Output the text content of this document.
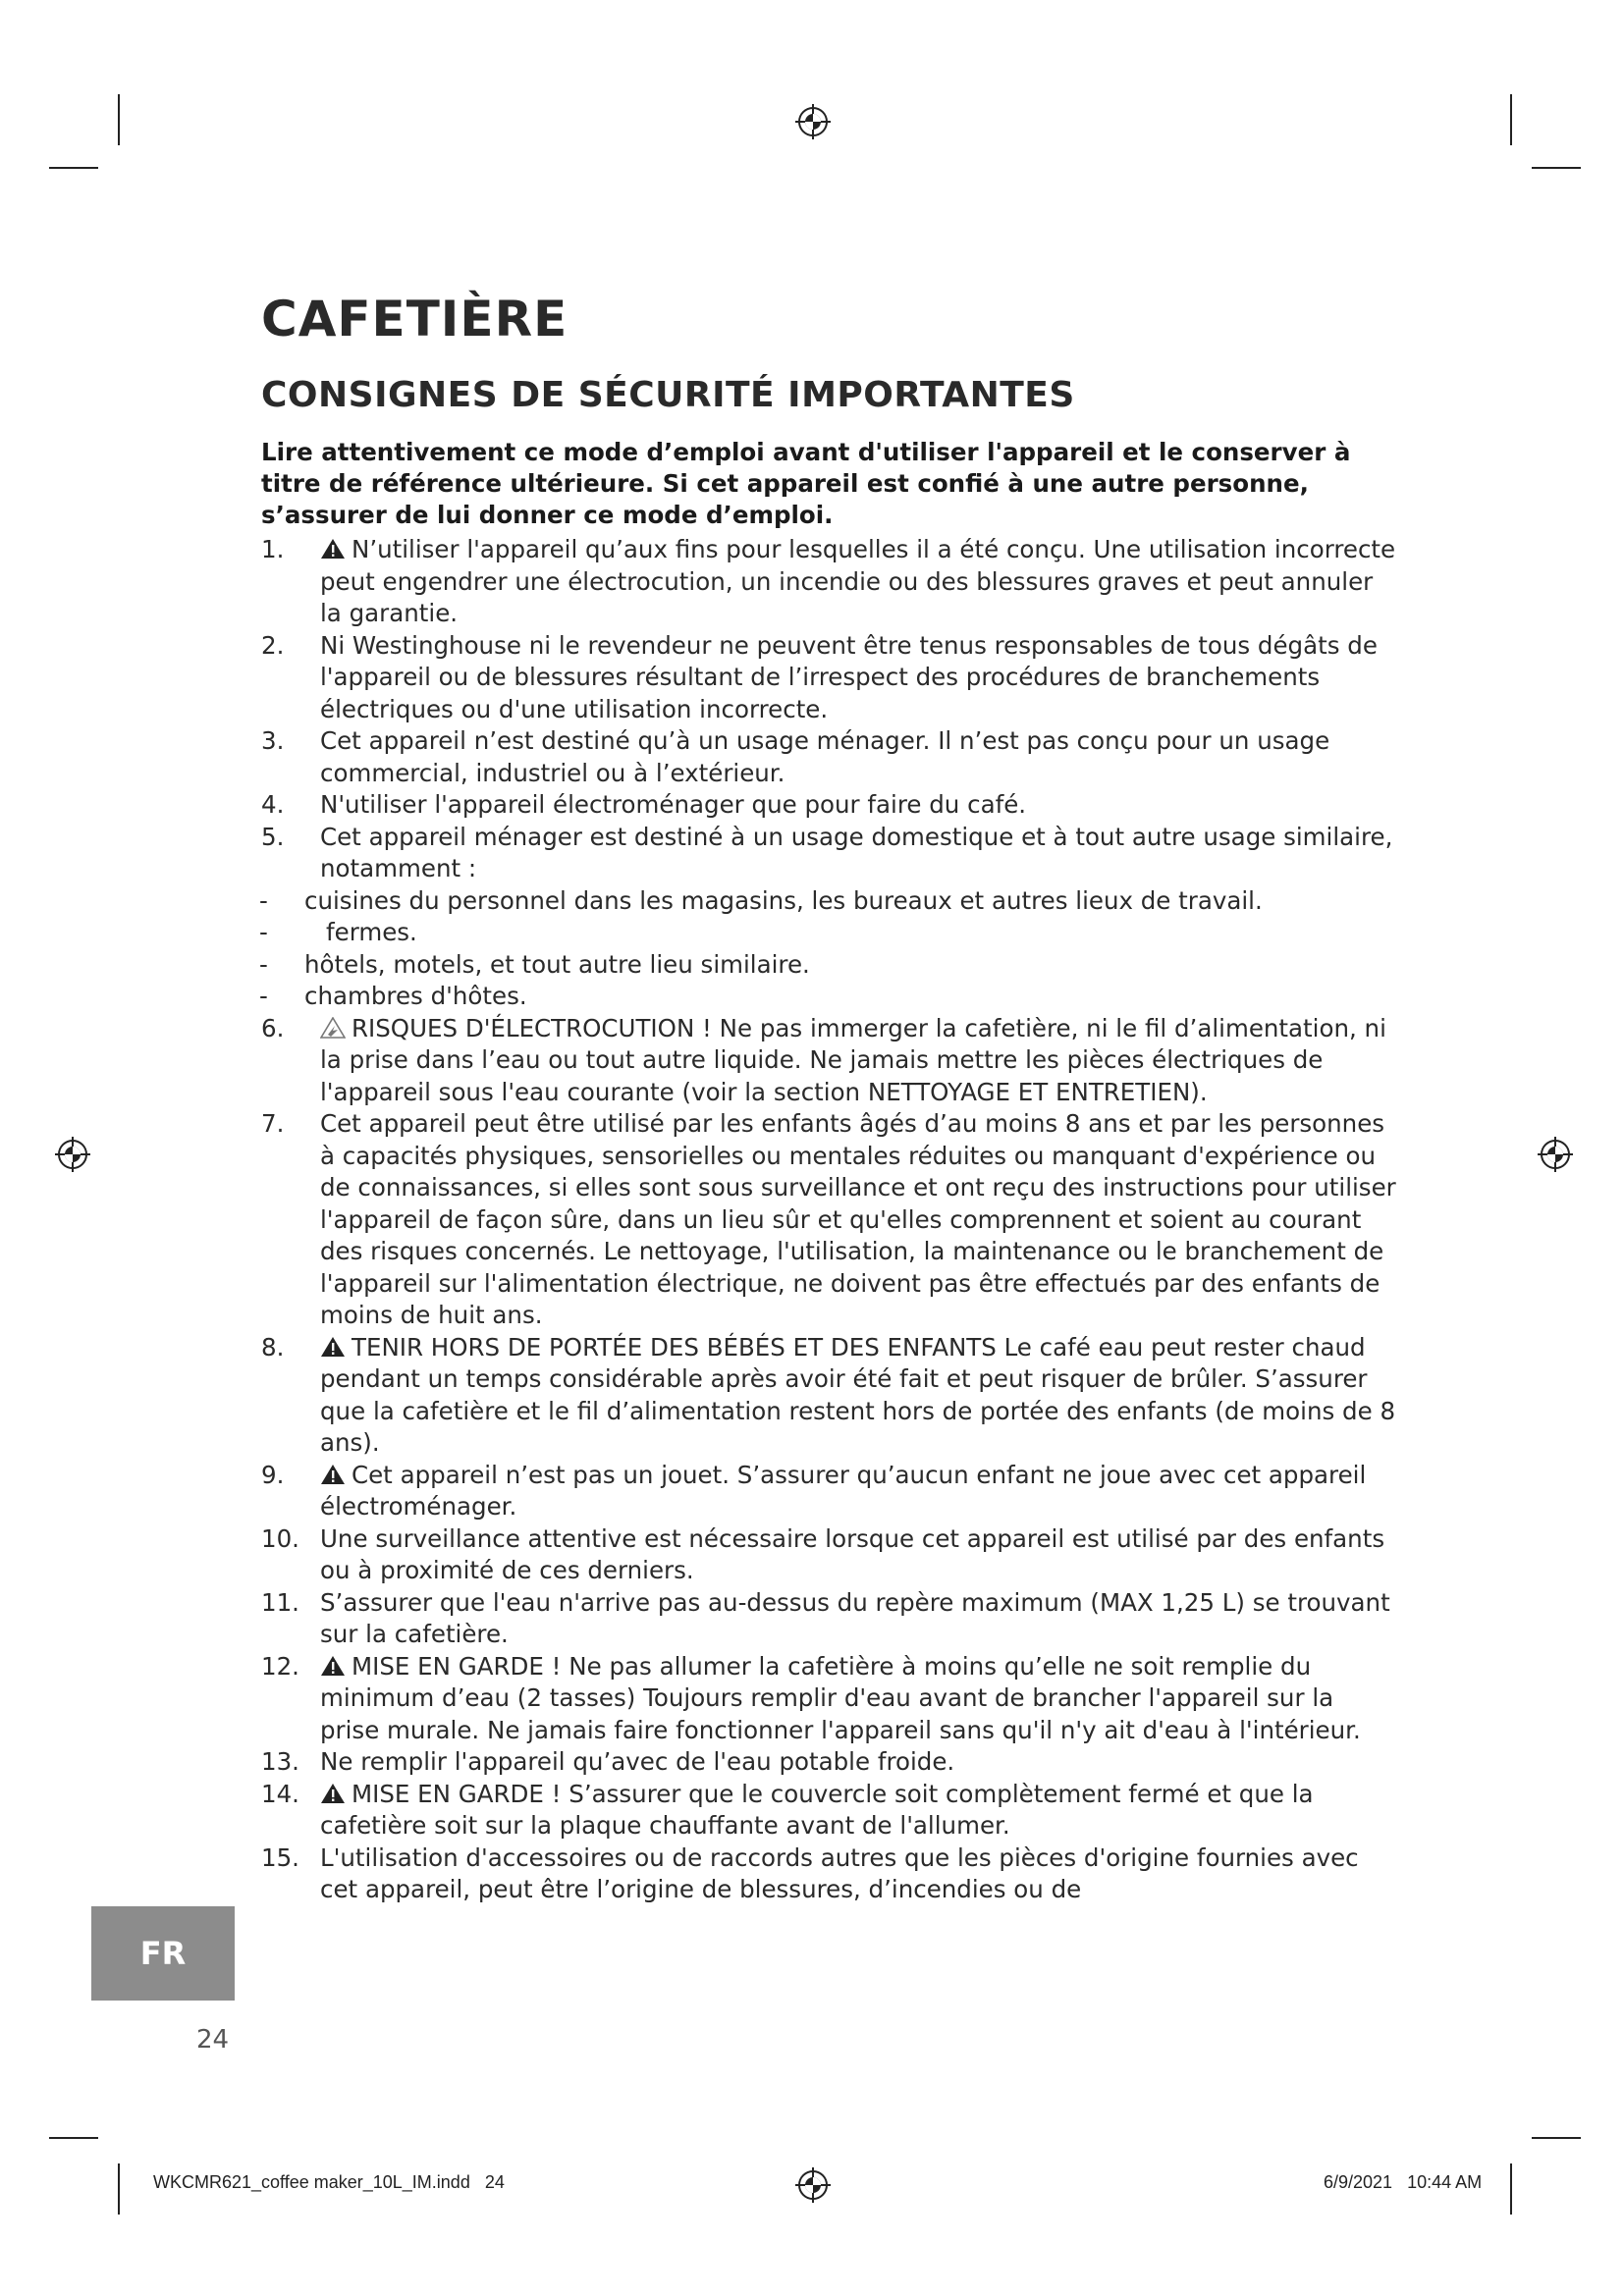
CAFETIÈRE
CONSIGNES DE SÉCURITÉ IMPORTANTES

Lire attentivement ce mode d’emploi avant d'utiliser l'appareil et le conserver à titre de référence ultérieure. Si cet appareil est confié à une autre personne, s’assurer de lui donner ce mode d’emploi.

1.	N’utiliser l'appareil qu’aux fins pour lesquelles il a été conçu. Une utilisation incorrecte peut engendrer une électrocution, un incendie ou des blessures graves et peut annuler la garantie.
2. Ni Westinghouse ni le revendeur ne peuvent être tenus responsables de tous dégâts de l'appareil ou de blessures résultant de l’irrespect des procédures de branchements électriques ou d'une utilisation incorrecte.
3. Cet appareil n’est destiné qu’à un usage ménager. Il n’est pas conçu pour un usage commercial, industriel ou à l’extérieur.
4. N'utiliser l'appareil électroménager que pour faire du café.
5. Cet appareil ménager est destiné à un usage domestique et à tout autre usage similaire, notamment :
- cuisines du personnel dans les magasins, les bureaux et autres lieux de travail.
- fermes.
- hôtels, motels, et tout autre lieu similaire.
- chambres d'hôtes.
6.	RISQUES D'ÉLECTROCUTION ! Ne pas immerger la cafetière, ni le fil d’alimentation, ni la prise dans l’eau ou tout autre liquide. Ne jamais mettre les pièces électriques de l'appareil sous l'eau courante (voir la section NETTOYAGE ET ENTRETIEN).
7. Cet appareil peut être utilisé par les enfants âgés d’au moins 8 ans et par les personnes à capacités physiques, sensorielles ou mentales réduites ou manquant d'expérience ou de connaissances, si elles sont sous surveillance et ont reçu des instructions pour utiliser l'appareil de façon sûre, dans un lieu sûr et qu'elles comprennent et soient au courant des risques concernés. Le nettoyage, l'utilisation, la maintenance ou le branchement de l'appareil sur l'alimentation électrique, ne doivent pas être effectués par des enfants de moins de huit ans.
8.	TENIR HORS DE PORTÉE DES BÉBÉS ET DES ENFANTS Le café eau peut rester chaud pendant un temps considérable après avoir été fait et peut risquer de brûler. S’assurer que la cafetière et le fil d’alimentation restent hors de portée des enfants (de moins de 8 ans).
9.	Cet appareil n’est pas un jouet. S’assurer qu’aucun enfant ne joue avec cet appareil électroménager.
10. Une surveillance attentive est nécessaire lorsque cet appareil est utilisé par des enfants ou à proximité de ces derniers.
11. S’assurer que l'eau n'arrive pas au-dessus du repère maximum (MAX 1,25 L) se trouvant sur la cafetière.
12. MISE EN GARDE ! Ne pas allumer la cafetière à moins qu’elle ne soit remplie du minimum d’eau (2 tasses) Toujours remplir d'eau avant de brancher l'appareil sur la prise murale. Ne jamais faire fonctionner l'appareil sans qu'il n'y ait d'eau à l'intérieur.
13. Ne remplir l'appareil qu’avec de l'eau potable froide.
14. MISE EN GARDE ! S’assurer que le couvercle soit complètement fermé et que la cafetière soit sur la plaque chauffante avant de l'allumer.
15. L'utilisation d'accessoires ou de raccords autres que les pièces d'origine fournies avec cet appareil, peut être l’origine de blessures, d’incendies ou de
FR
24
WKCMR621_coffee maker_10L_IM.indd   24	6/9/2021   10:44 AM
